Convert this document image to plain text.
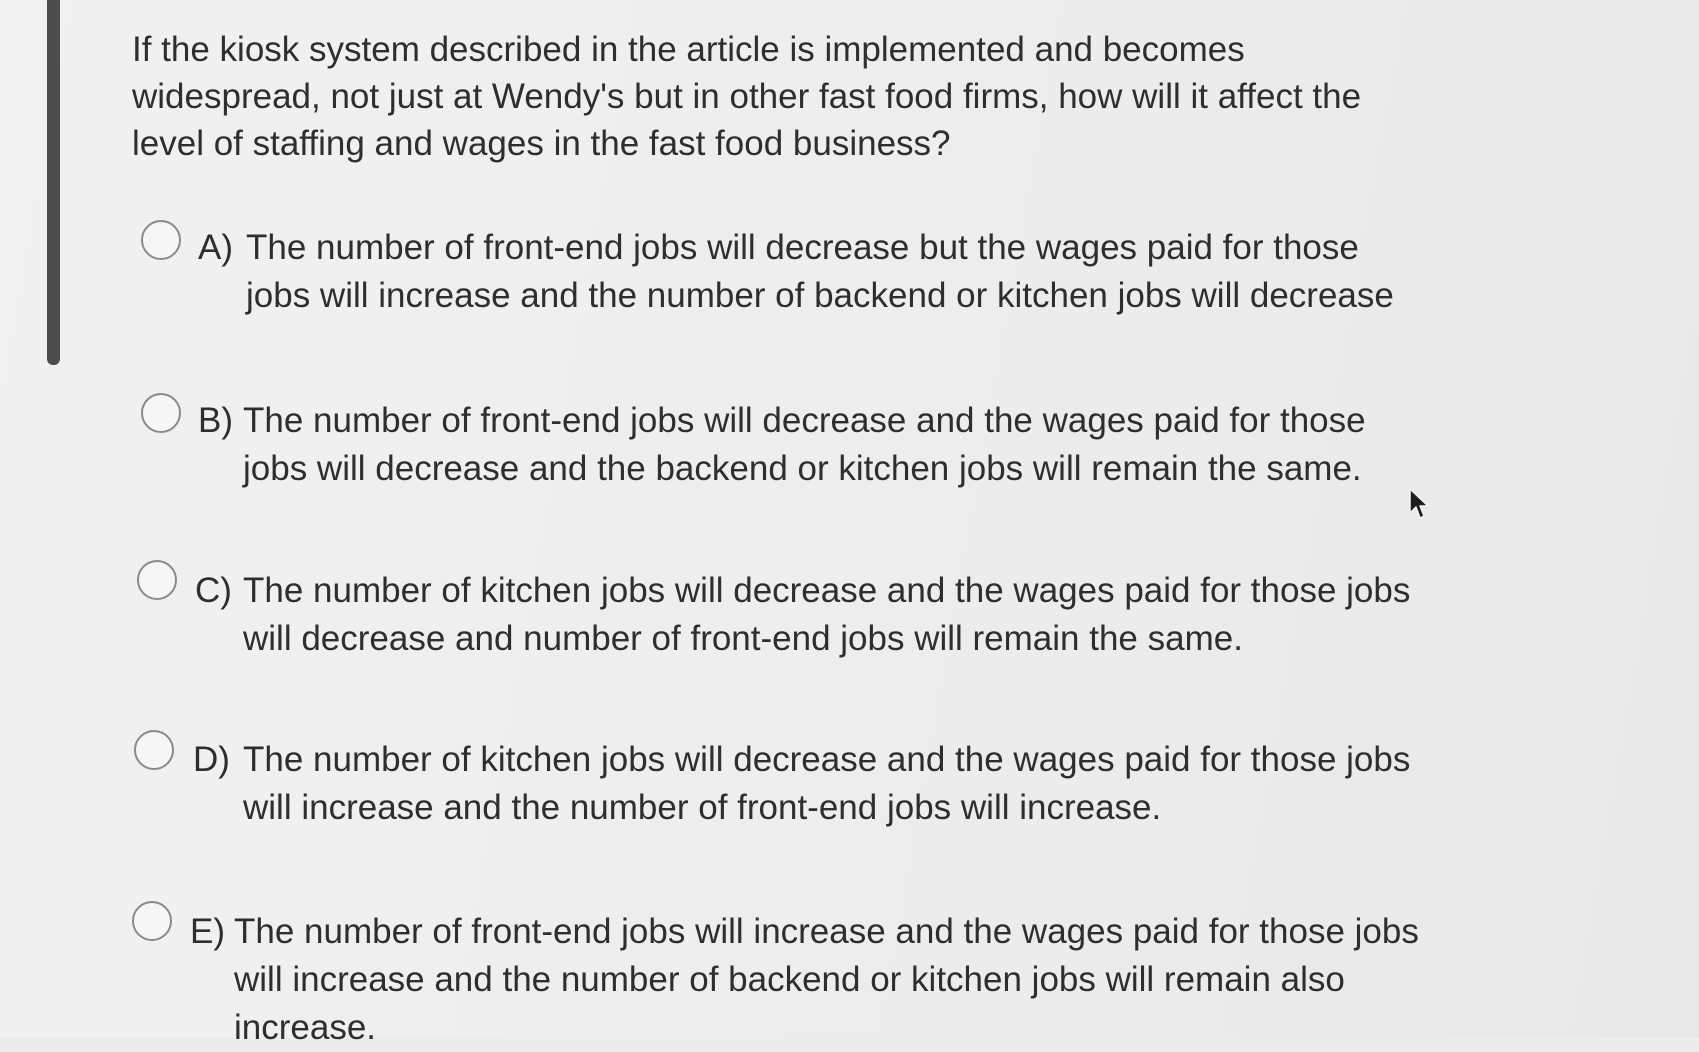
If the kiosk system described in the article is implemented and becomes widespread, not just at Wendy's but in other fast food firms, how will it affect the level of staffing and wages in the fast food business?
A) The number of front-end jobs will decrease but the wages paid for those jobs will increase and the number of backend or kitchen jobs will decrease
B) The number of front-end jobs will decrease and the wages paid for those jobs will decrease and the backend or kitchen jobs will remain the same.
C) The number of kitchen jobs will decrease and the wages paid for those jobs will decrease and number of front-end jobs will remain the same.
D) The number of kitchen jobs will decrease and the wages paid for those jobs will increase and the number of front-end jobs will increase.
E) The number of front-end jobs will increase and the wages paid for those jobs will increase and the number of backend or kitchen jobs will remain also increase.
